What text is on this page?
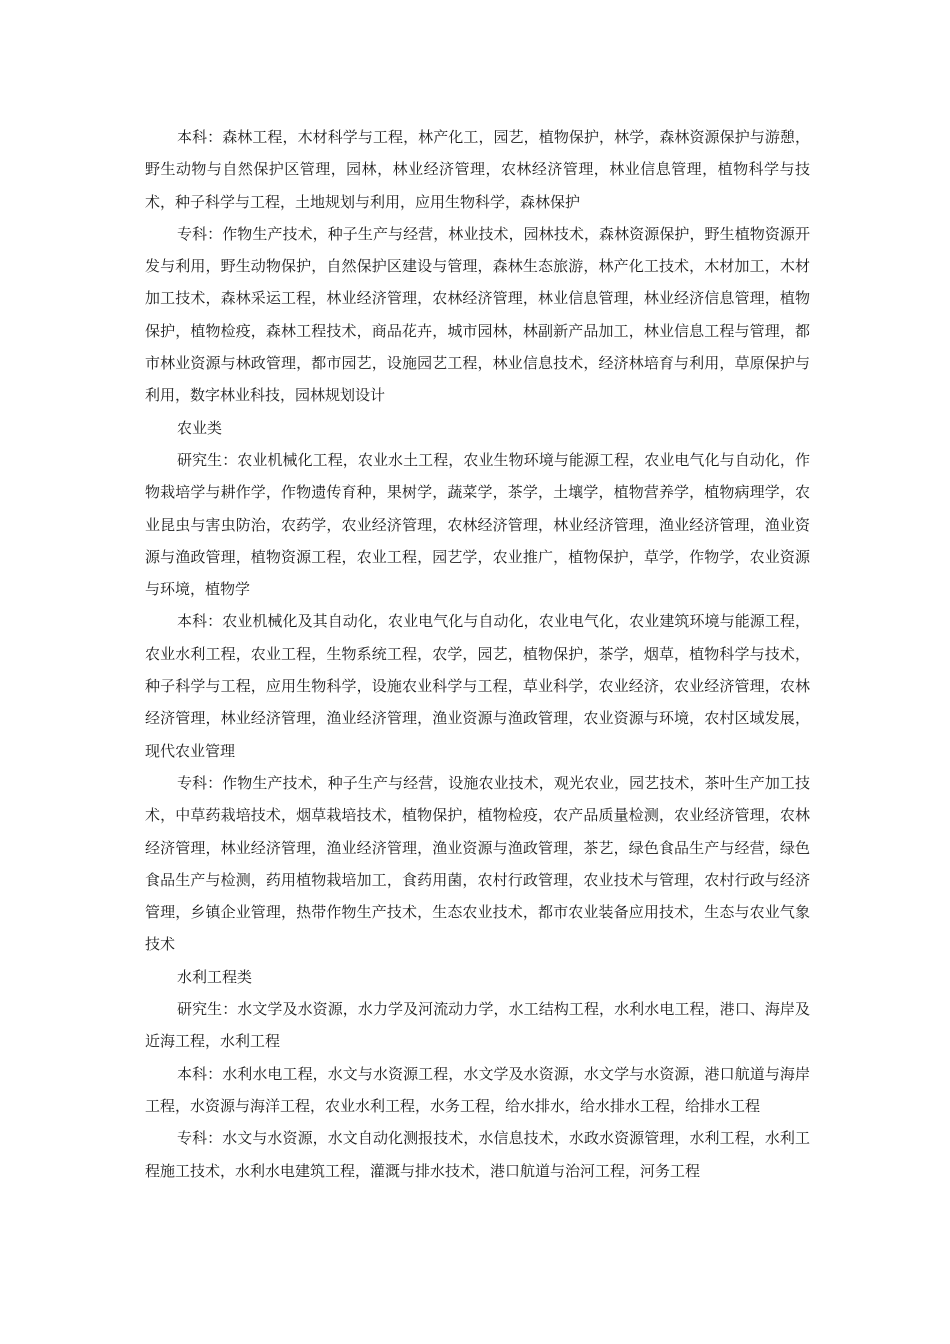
本科：森林工程，木材科学与工程，林产化工，园艺，植物保护，林学，森林资源保护与游憩，野生动物与自然保护区管理，园林，林业经济管理，农林经济管理，林业信息管理，植物科学与技术，种子科学与工程，土地规划与利用，应用生物科学，森林保护

专科：作物生产技术，种子生产与经营，林业技术，园林技术，森林资源保护，野生植物资源开发与利用，野生动物保护，自然保护区建设与管理，森林生态旅游，林产化工技术，木材加工，木材加工技术，森林采运工程，林业经济管理，农林经济管理，林业信息管理，林业经济信息管理，植物保护，植物检疫，森林工程技术，商品花卉，城市园林，林副新产品加工，林业信息工程与管理，都市林业资源与林政管理，都市园艺，设施园艺工程，林业信息技术，经济林培育与利用，草原保护与利用，数字林业科技，园林规划设计

农业类

研究生：农业机械化工程，农业水土工程，农业生物环境与能源工程，农业电气化与自动化，作物栽培学与耕作学，作物遗传育种，果树学，蔬菜学，茶学，土壤学，植物营养学，植物病理学，农业昆虫与害虫防治，农药学，农业经济管理，农林经济管理，林业经济管理，渔业经济管理，渔业资源与渔政管理，植物资源工程，农业工程，园艺学，农业推广，植物保护，草学，作物学，农业资源与环境，植物学

本科：农业机械化及其自动化，农业电气化与自动化，农业电气化，农业建筑环境与能源工程，农业水利工程，农业工程，生物系统工程，农学，园艺，植物保护，茶学，烟草，植物科学与技术，种子科学与工程，应用生物科学，设施农业科学与工程，草业科学，农业经济，农业经济管理，农林经济管理，林业经济管理，渔业经济管理，渔业资源与渔政管理，农业资源与环境，农村区域发展，现代农业管理

专科：作物生产技术，种子生产与经营，设施农业技术，观光农业，园艺技术，茶叶生产加工技术，中草药栽培技术，烟草栽培技术，植物保护，植物检疫，农产品质量检测，农业经济管理，农林经济管理，林业经济管理，渔业经济管理，渔业资源与渔政管理，茶艺，绿色食品生产与经营，绿色食品生产与检测，药用植物栽培加工，食药用菌，农村行政管理，农业技术与管理，农村行政与经济管理，乡镇企业管理，热带作物生产技术，生态农业技术，都市农业装备应用技术，生态与农业气象技术

水利工程类

研究生：水文学及水资源，水力学及河流动力学，水工结构工程，水利水电工程，港口、海岸及近海工程，水利工程

本科：水利水电工程，水文与水资源工程，水文学及水资源，水文学与水资源，港口航道与海岸工程，水资源与海洋工程，农业水利工程，水务工程，给水排水，给水排水工程，给排水工程

专科：水文与水资源，水文自动化测报技术，水信息技术，水政水资源管理，水利工程，水利工程施工技术，水利水电建筑工程，灌溉与排水技术，港口航道与治河工程，河务工程
